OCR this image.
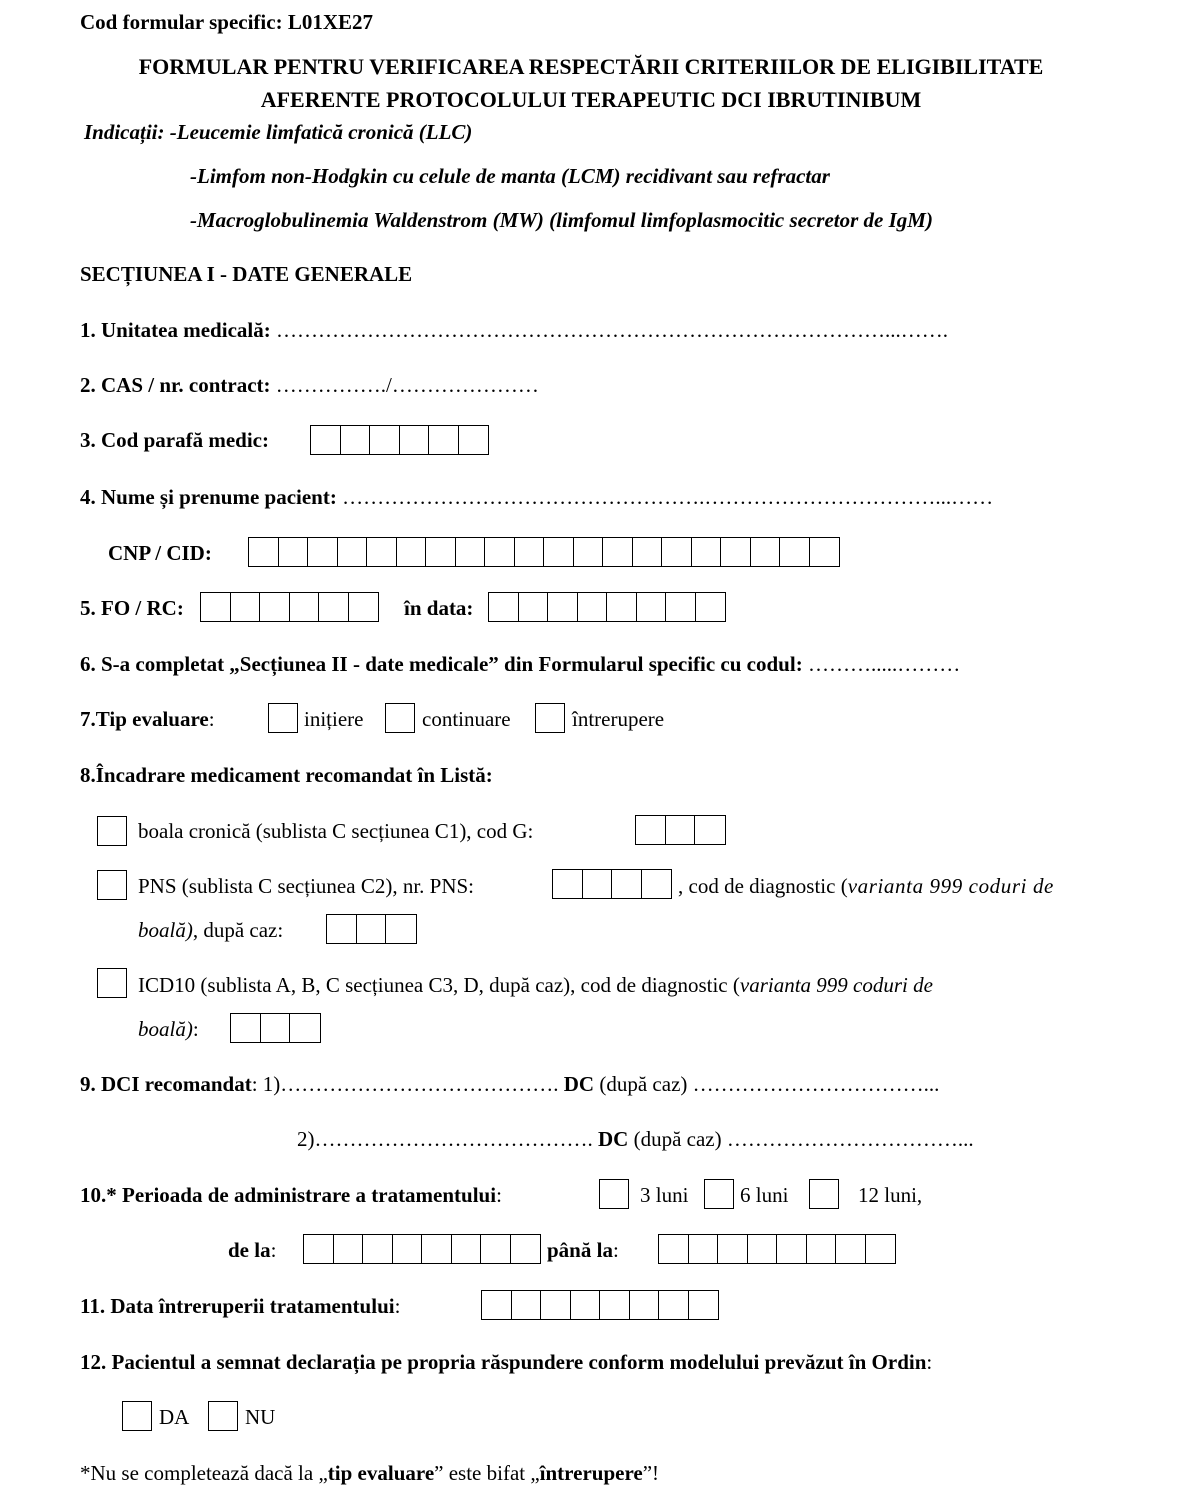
Cod formular specific: L01XE27
FORMULAR PENTRU VERIFICAREA RESPECTĂRII CRITERIILOR DE ELIGIBILITATE
AFERENTE PROTOCOLULUI TERAPEUTIC DCI IBRUTINIBUM
Indicații: -Leucemie limfatică cronică (LLC)
-Limfom non-Hodgkin cu celule de manta (LCM) recidivant sau refractar
-Macroglobulinemia Waldenstrom (MW) (limfomul limfoplasmocitic secretor de IgM)
SECȚIUNEA I - DATE GENERALE
1. Unitatea medicală: ……………………………………………………………………………...…….
2. CAS / nr. contract: ……………./…………………
3. Cod parafă medic:
4. Nume și prenume pacient: …………………………………………….……………………………...……
CNP / CID:
5. FO / RC:	în data:
6. S-a completat „Secțiunea II - date medicale” din Formularul specific cu codul: ……….....………
7.Tip evaluare:	inițiere	continuare	întrerupere
8.Încadrare medicament recomandat în Listă:
boala cronică (sublista C secțiunea C1), cod G:
PNS (sublista C secțiunea C2), nr. PNS:	, cod de diagnostic (varianta 999 coduri de
boală), după caz:
ICD10 (sublista A, B, C secțiunea C3, D, după caz), cod de diagnostic (varianta 999 coduri de
boală):
9. DCI recomandat: 1)…………………………………. DC (după caz) ……………………………...
2)…………………………………. DC (după caz) ……………………………...
10.* Perioada de administrare a tratamentului:	3 luni 6 luni	12 luni,
de la:	până la:
11. Data întreruperii tratamentului:
12. Pacientul a semnat declarația pe propria răspundere conform modelului prevăzut în Ordin:
DA	NU
*Nu se completează dacă la „tip evaluare” este bifat „întrerupere”!
